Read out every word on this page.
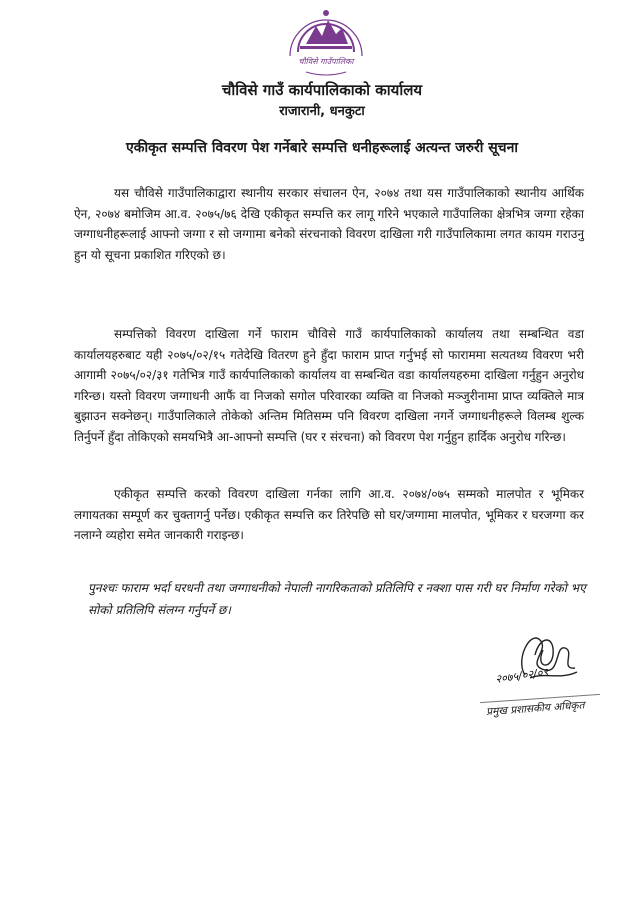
चौविसे गाउँपालिका
चौविसे गाउँ कार्यपालिकाको कार्यालय
राजारानी, धनकुटा
एकीकृत सम्पत्ति विवरण पेश गर्नेबारे सम्पत्ति धनीहरूलाई अत्यन्त जरुरी सूचना

यस चौविसे गाउँपालिकाद्वारा स्थानीय सरकार संचालन ऐन, २०७४ तथा यस गाउँपालिकाको स्थानीय आर्थिक ऐन, २०७४ बमोजिम आ.व. २०७५/७६ देखि एकीकृत सम्पत्ति कर लागू गरिने भएकाले गाउँपालिका क्षेत्रभित्र जग्गा रहेका जग्गाधनीहरूलाई आफ्नो जग्गा र सो जग्गामा बनेको संरचनाको विवरण दाखिला गरी गाउँपालिकामा लगत कायम गराउनु हुन यो सूचना प्रकाशित गरिएको छ।

सम्पत्तिको विवरण दाखिला गर्ने फाराम चौविसे गाउँ कार्यपालिकाको कार्यालय तथा सम्बन्धित वडा कार्यालयहरुबाट यही २०७५/०२/१५ गतेदेखि वितरण हुने हुँदा फाराम प्राप्त गर्नुभई सो फाराममा सत्यतथ्य विवरण भरी आगामी २०७५/०२/३१ गतेभित्र गाउँ कार्यपालिकाको कार्यालय वा सम्बन्धित वडा कार्यालयहरुमा दाखिला गर्नुहुन अनुरोध गरिन्छ। यस्तो विवरण जग्गाधनी आफैं वा निजको सगोल परिवारका व्यक्ति वा निजको मञ्जुरीनामा प्राप्त व्यक्तिले मात्र बुझाउन सक्नेछन्। गाउँपालिकाले तोकेको अन्तिम मितिसम्म पनि विवरण दाखिला नगर्ने जग्गाधनीहरूले विलम्ब शुल्क तिर्नुपर्ने हुँदा तोकिएको समयभित्रै आ-आफ्नो सम्पत्ति (घर र संरचना) को विवरण पेश गर्नुहुन हार्दिक अनुरोध गरिन्छ।

एकीकृत सम्पत्ति करको विवरण दाखिला गर्नका लागि आ.व. २०७४/०७५ सम्मको मालपोत र भूमिकर लगायतका सम्पूर्ण कर चुक्तागर्नु पर्नेछ। एकीकृत सम्पत्ति कर तिरेपछि सो घर/जग्गामा मालपोत, भूमिकर र घरजग्गा कर नलाग्ने व्यहोरा समेत जानकारी गराइन्छ।

पुनश्चः फाराम भर्दा घरधनी तथा जग्गाधनीको नेपाली नागरिकताको प्रतिलिपि र नक्शा पास गरी घर निर्माण गरेको भए सोको प्रतिलिपि संलग्न गर्नुपर्ने छ।

२०७५/०२/०९
प्रमुख प्रशासकीय अधिकृत
